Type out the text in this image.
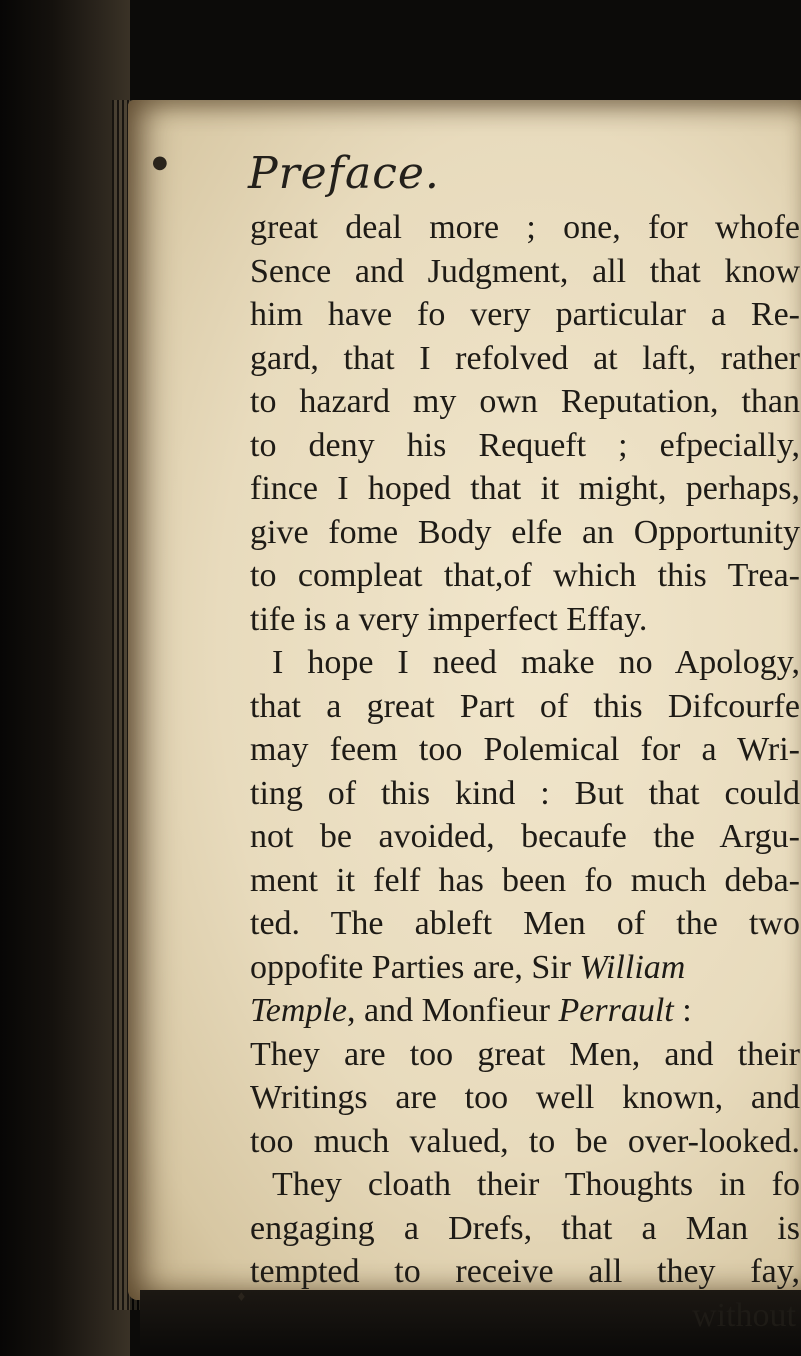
●
♦
Preface.
great deal more ; one, for whofe
Sence and Judgment, all that know
him have fo very particular a Re-
gard, that I refolved at laft, rather
to hazard my own Reputation, than
to deny his Requeft ; efpecially,
fince I hoped that it might, perhaps,
give fome Body elfe an Opportunity
to compleat that,of which this Trea-
tife is a very imperfect Effay.
I hope I need make no Apology,
that a great Part of this Difcourfe
may feem too Polemical for a Wri-
ting of this kind : But that could
not be avoided, becaufe the Argu-
ment it felf has been fo much deba-
ted. The ableft Men of the two
oppofite Parties are, Sir William
Temple, and Monfieur Perrault :
They are too great Men, and their
Writings are too well known, and
too much valued, to be over-looked.
They cloath their Thoughts in fo
engaging a Drefs, that a Man is
tempted to receive all they fay,
without
